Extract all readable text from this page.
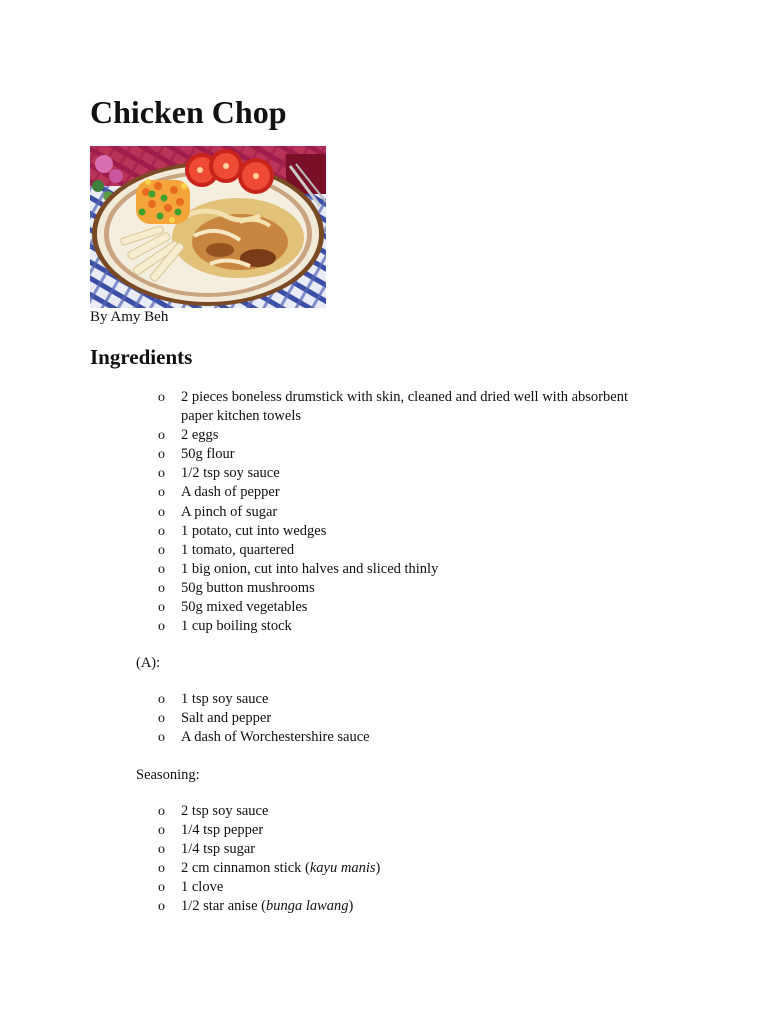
Chicken Chop
By Amy Beh
Ingredients
o 2 pieces boneless drumstick with skin, cleaned and dried well with absorbent paper kitchen towels
o 2 eggs
o 50g flour
o 1/2 tsp soy sauce
o A dash of pepper
o A pinch of sugar
o 1 potato, cut into wedges
o 1 tomato, quartered
o 1 big onion, cut into halves and sliced thinly
o 50g button mushrooms
o 50g mixed vegetables
o 1 cup boiling stock
(A):
o 1 tsp soy sauce
o Salt and pepper
o A dash of Worchestershire sauce
Seasoning:
o 2 tsp soy sauce
o 1/4 tsp pepper
o 1/4 tsp sugar
o 2 cm cinnamon stick (kayu manis)
o 1 clove
o 1/2 star anise (bunga lawang)
